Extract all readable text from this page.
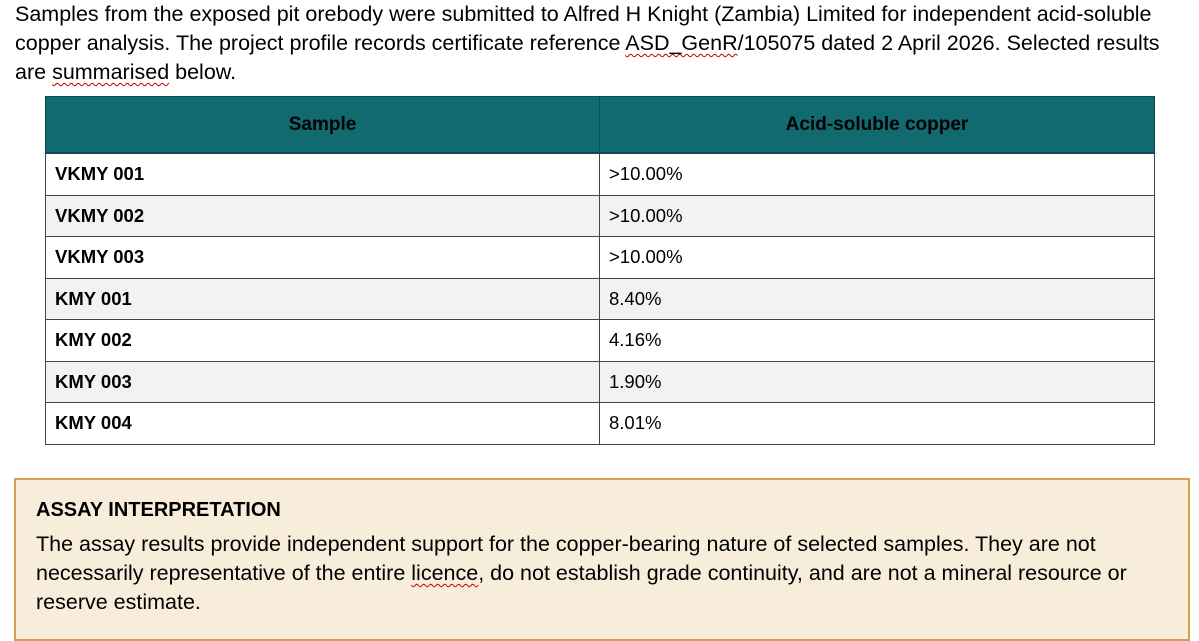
Samples from the exposed pit orebody were submitted to Alfred H Knight (Zambia) Limited for independent acid-soluble copper analysis. The project profile records certificate reference ASD_GenR/105075 dated 2 April 2026. Selected results are summarised below.

Sample	Acid-soluble copper
VKMY 001	>10.00%
VKMY 002	>10.00%
VKMY 003	>10.00%
KMY 001	8.40%
KMY 002	4.16%
KMY 003	1.90%
KMY 004	8.01%

ASSAY INTERPRETATION

The assay results provide independent support for the copper-bearing nature of selected samples. They are not necessarily representative of the entire licence, do not establish grade continuity, and are not a mineral resource or reserve estimate.
